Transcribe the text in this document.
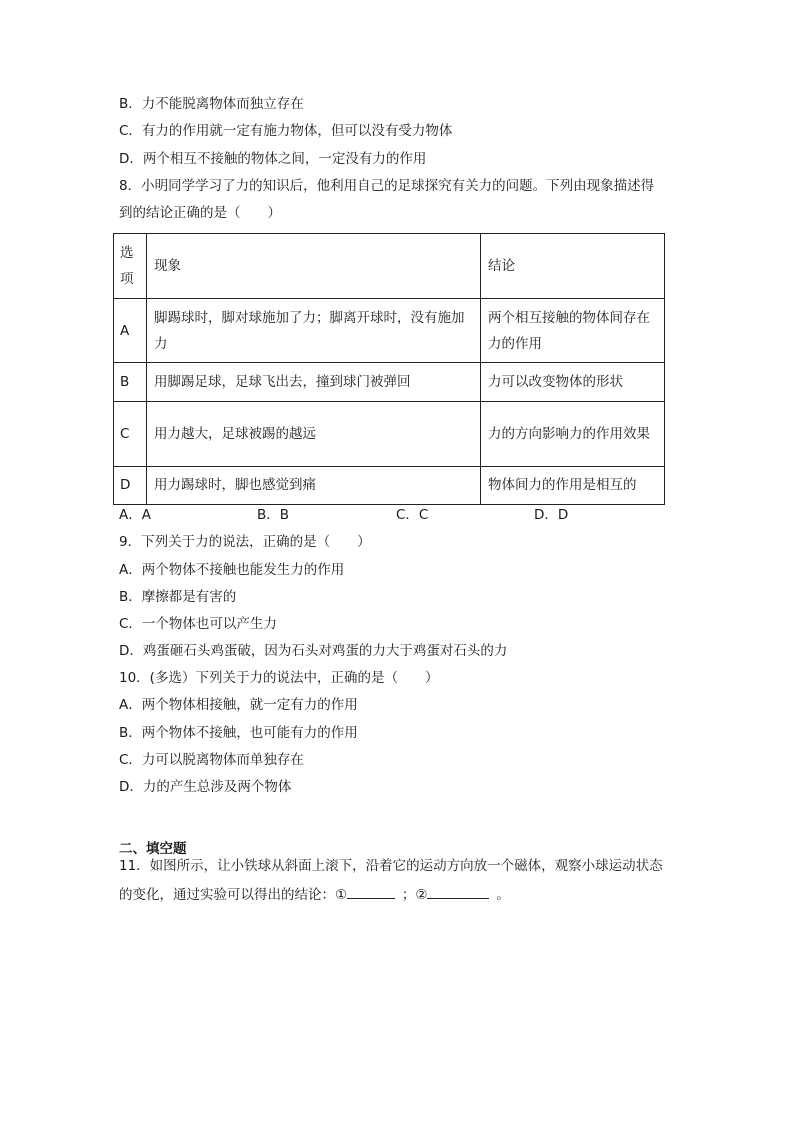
B．力不能脱离物体而独立存在
C．有力的作用就一定有施力物体，但可以没有受力物体
D．两个相互不接触的物体之间，一定没有力的作用
8．小明同学学习了力的知识后，他利用自己的足球探究有关力的问题。下列由现象描述得
到的结论正确的是（　　）
选项	现象	结论
A	脚踢球时，脚对球施加了力；脚离开球时，没有施加力	两个相互接触的物体间存在力的作用
B	用脚踢足球，足球飞出去，撞到球门被弹回	力可以改变物体的形状
C	用力越大，足球被踢的越远	力的方向影响力的作用效果
D	用力踢球时，脚也感觉到痛	物体间力的作用是相互的
A．A	B．B	C．C	D．D
9．下列关于力的说法，正确的是（　　）
A．两个物体不接触也能发生力的作用
B．摩擦都是有害的
C．一个物体也可以产生力
D．鸡蛋砸石头鸡蛋破，因为石头对鸡蛋的力大于鸡蛋对石头的力
10．(多选）下列关于力的说法中，正确的是（　　）
A．两个物体相接触，就一定有力的作用
B．两个物体不接触，也可能有力的作用
C．力可以脱离物体而单独存在
D．力的产生总涉及两个物体
二、填空题
11．如图所示，让小铁球从斜面上滚下，沿着它的运动方向放一个磁体，观察小球运动状态
的变化，通过实验可以得出的结论：① 	；② 	。
